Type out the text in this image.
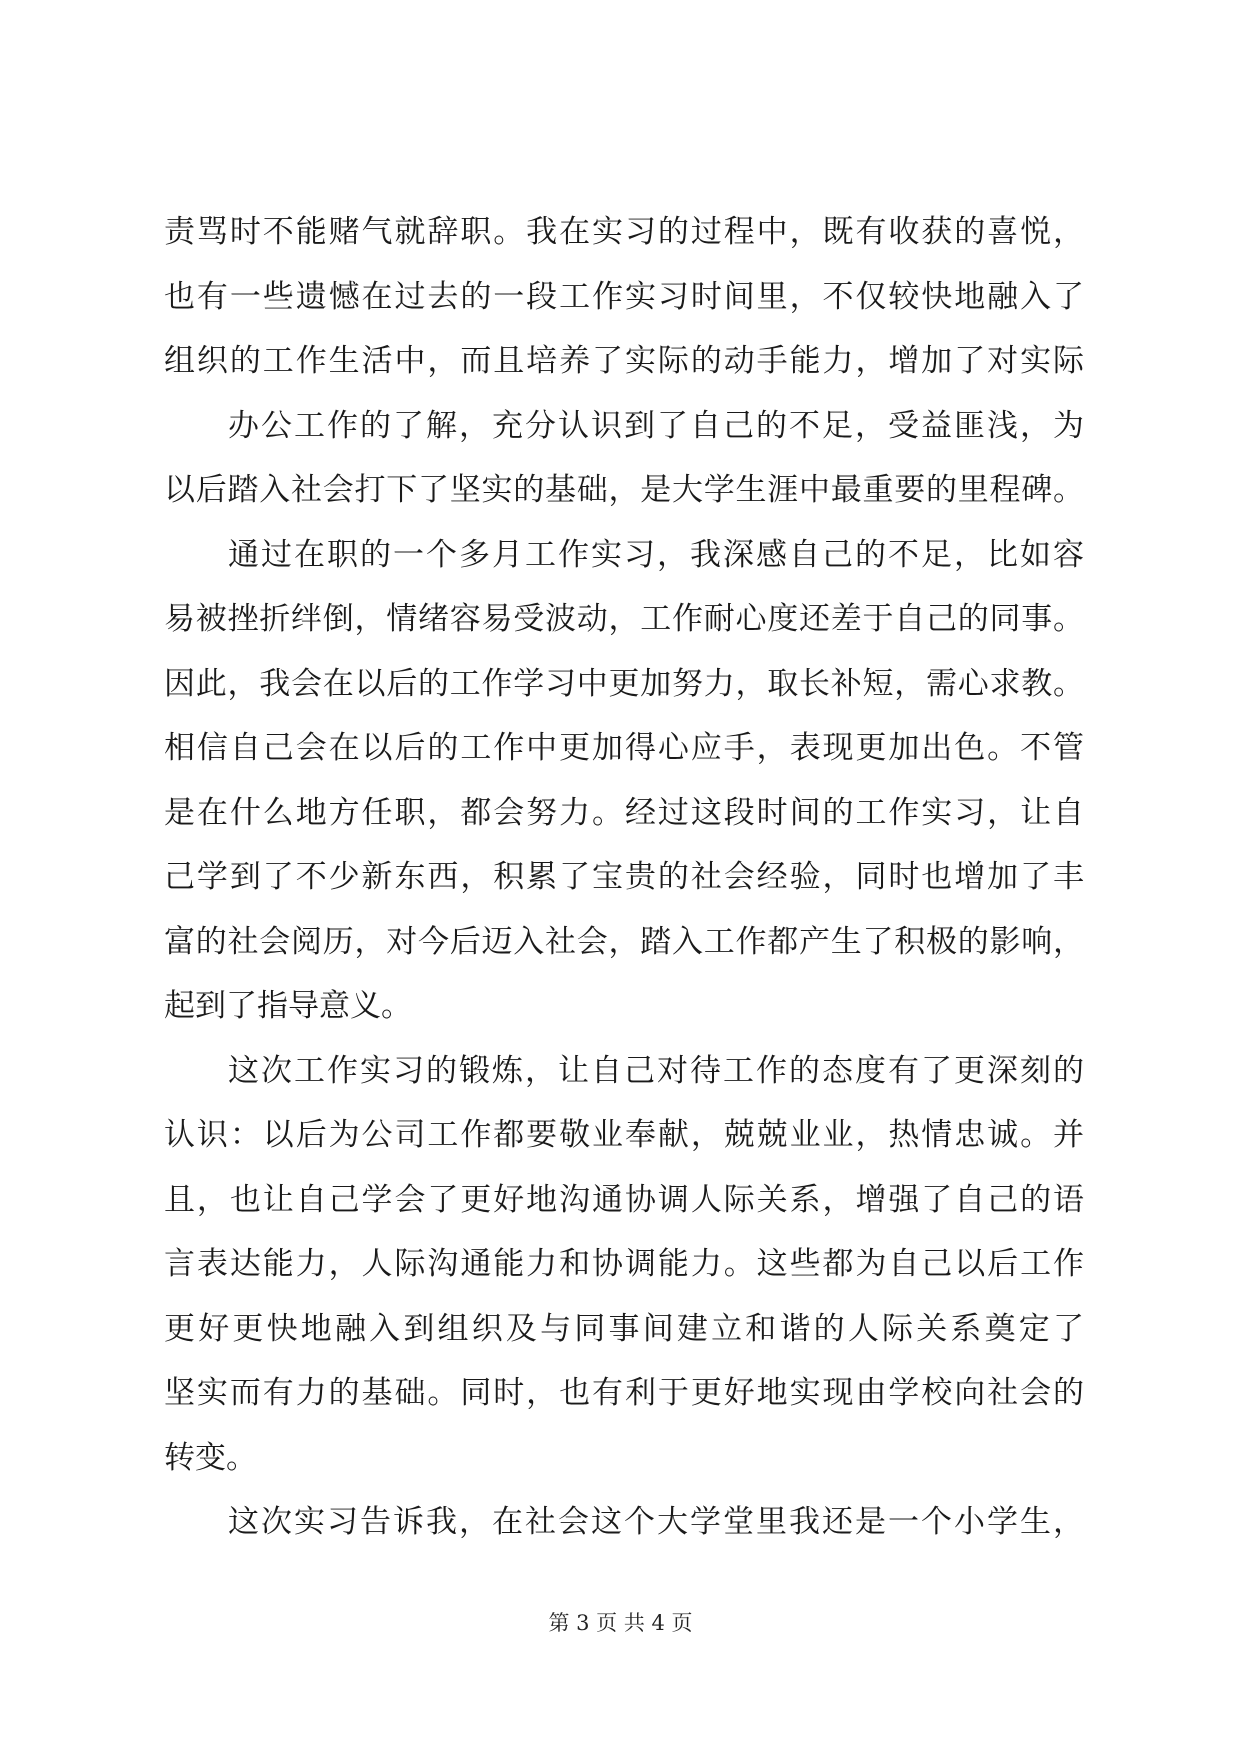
责骂时不能赌气就辞职。我在实习的过程中，既有收获的喜悦，
也有一些遗憾在过去的一段工作实习时间里，不仅较快地融入了
组织的工作生活中，而且培养了实际的动手能力，增加了对实际
办公工作的了解，充分认识到了自己的不足，受益匪浅，为
以后踏入社会打下了坚实的基础，是大学生涯中最重要的里程碑。
通过在职的一个多月工作实习，我深感自己的不足，比如容
易被挫折绊倒，情绪容易受波动，工作耐心度还差于自己的同事。
因此，我会在以后的工作学习中更加努力，取长补短，需心求教。
相信自己会在以后的工作中更加得心应手，表现更加出色。不管
是在什么地方任职，都会努力。经过这段时间的工作实习，让自
己学到了不少新东西，积累了宝贵的社会经验，同时也增加了丰
富的社会阅历，对今后迈入社会，踏入工作都产生了积极的影响，
起到了指导意义。
这次工作实习的锻炼，让自己对待工作的态度有了更深刻的
认识：以后为公司工作都要敬业奉献，兢兢业业，热情忠诚。并
且，也让自己学会了更好地沟通协调人际关系，增强了自己的语
言表达能力，人际沟通能力和协调能力。这些都为自己以后工作
更好更快地融入到组织及与同事间建立和谐的人际关系奠定了
坚实而有力的基础。同时，也有利于更好地实现由学校向社会的
转变。
这次实习告诉我，在社会这个大学堂里我还是一个小学生，
第 3 页 共 4 页
